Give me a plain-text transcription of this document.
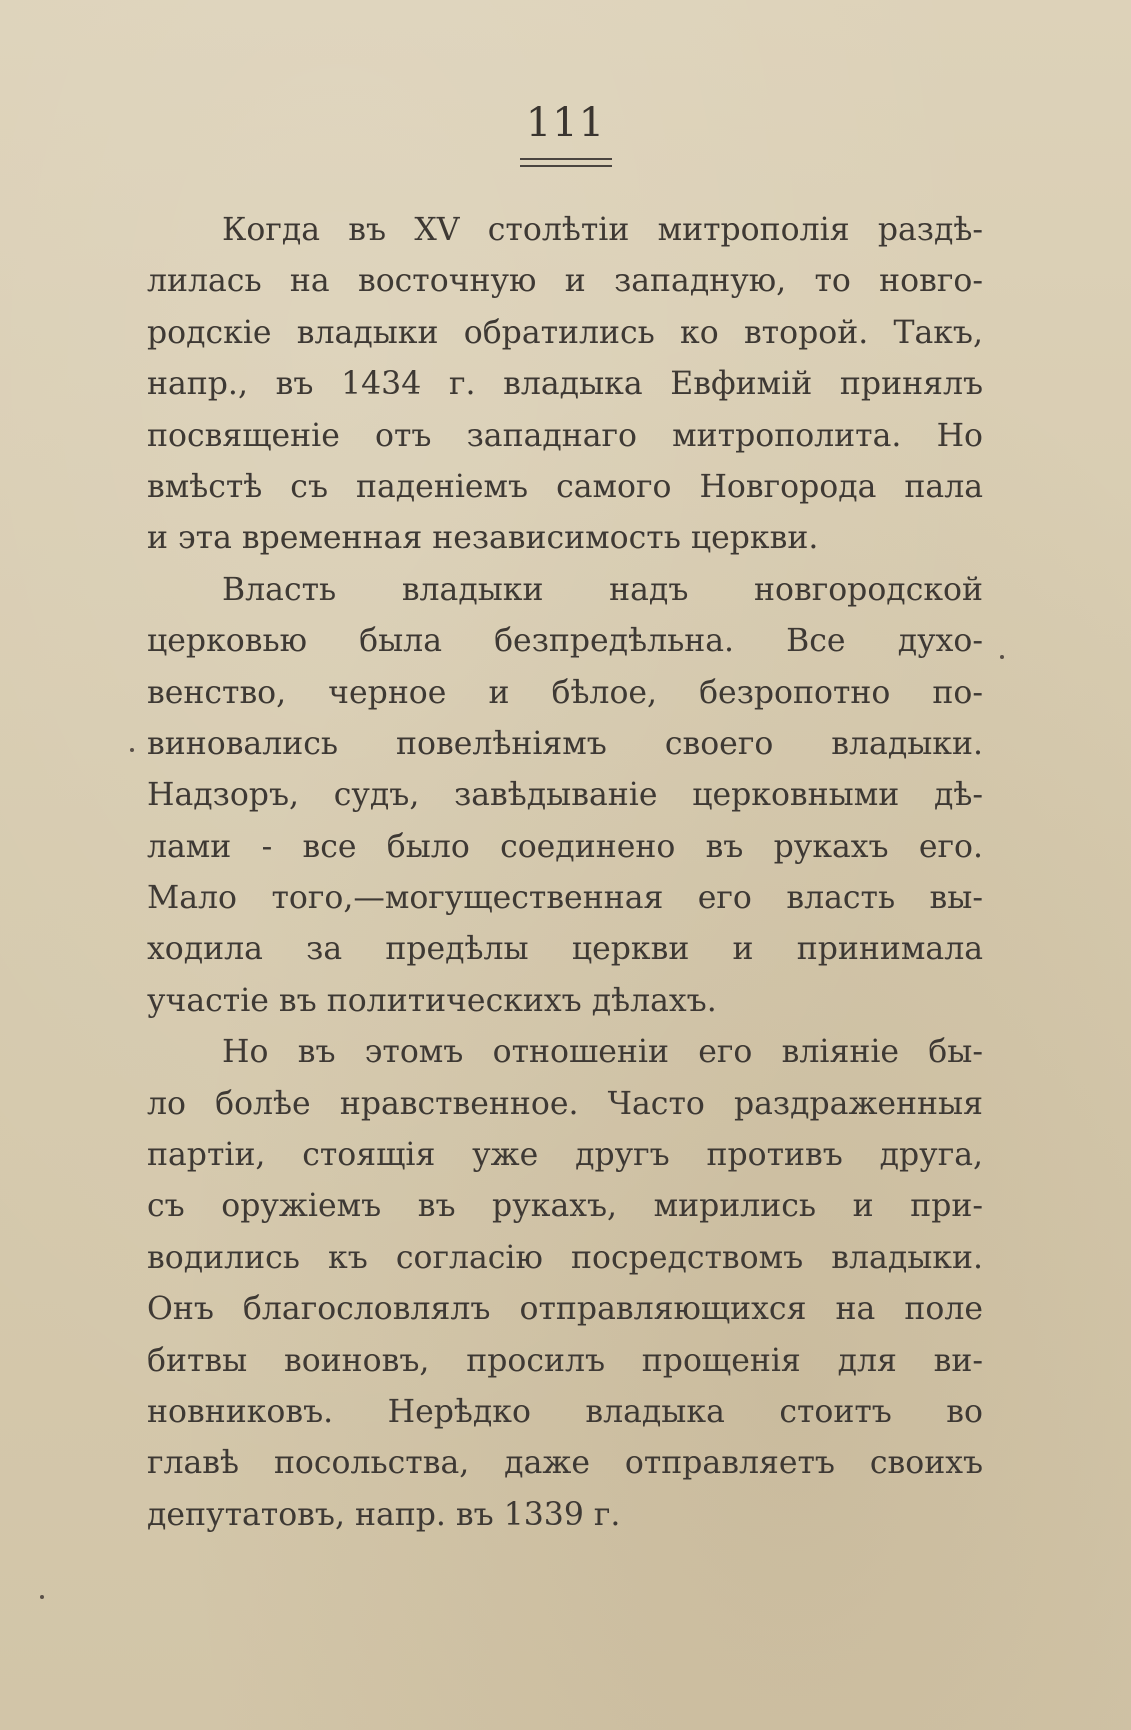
111
Когда въ XV столѣтіи митрополія раздѣ-
лилась на восточную и западную, то новго-
родскіе владыки обратились ко второй. Такъ,
напр., въ 1434 г. владыка Евфимій принялъ
посвященіе отъ западнаго митрополита. Но
вмѣстѣ съ паденіемъ самого Новгорода пала
и эта временная независимость церкви.
Власть владыки надъ новгородской
церковью была безпредѣльна. Все духо-
венство, черное и бѣлое, безропотно по-
виновались повелѣніямъ своего владыки.
Надзоръ, судъ, завѣдываніе церковными дѣ-
лами - все было соединено въ рукахъ его.
Мало того,—могущественная его власть вы-
ходила за предѣлы церкви и принимала
участіе въ политическихъ дѣлахъ.
Но въ этомъ отношеніи его вліяніе бы-
ло болѣе нравственное. Часто раздраженныя
партіи, стоящія уже другъ противъ друга,
съ оружіемъ въ рукахъ, мирились и при-
водились къ согласію посредствомъ владыки.
Онъ благословлялъ отправляющихся на поле
битвы воиновъ, просилъ прощенія для ви-
новниковъ. Нерѣдко владыка стоитъ во
главѣ посольства, даже отправляетъ своихъ
депутатовъ, напр. въ 1339 г.
